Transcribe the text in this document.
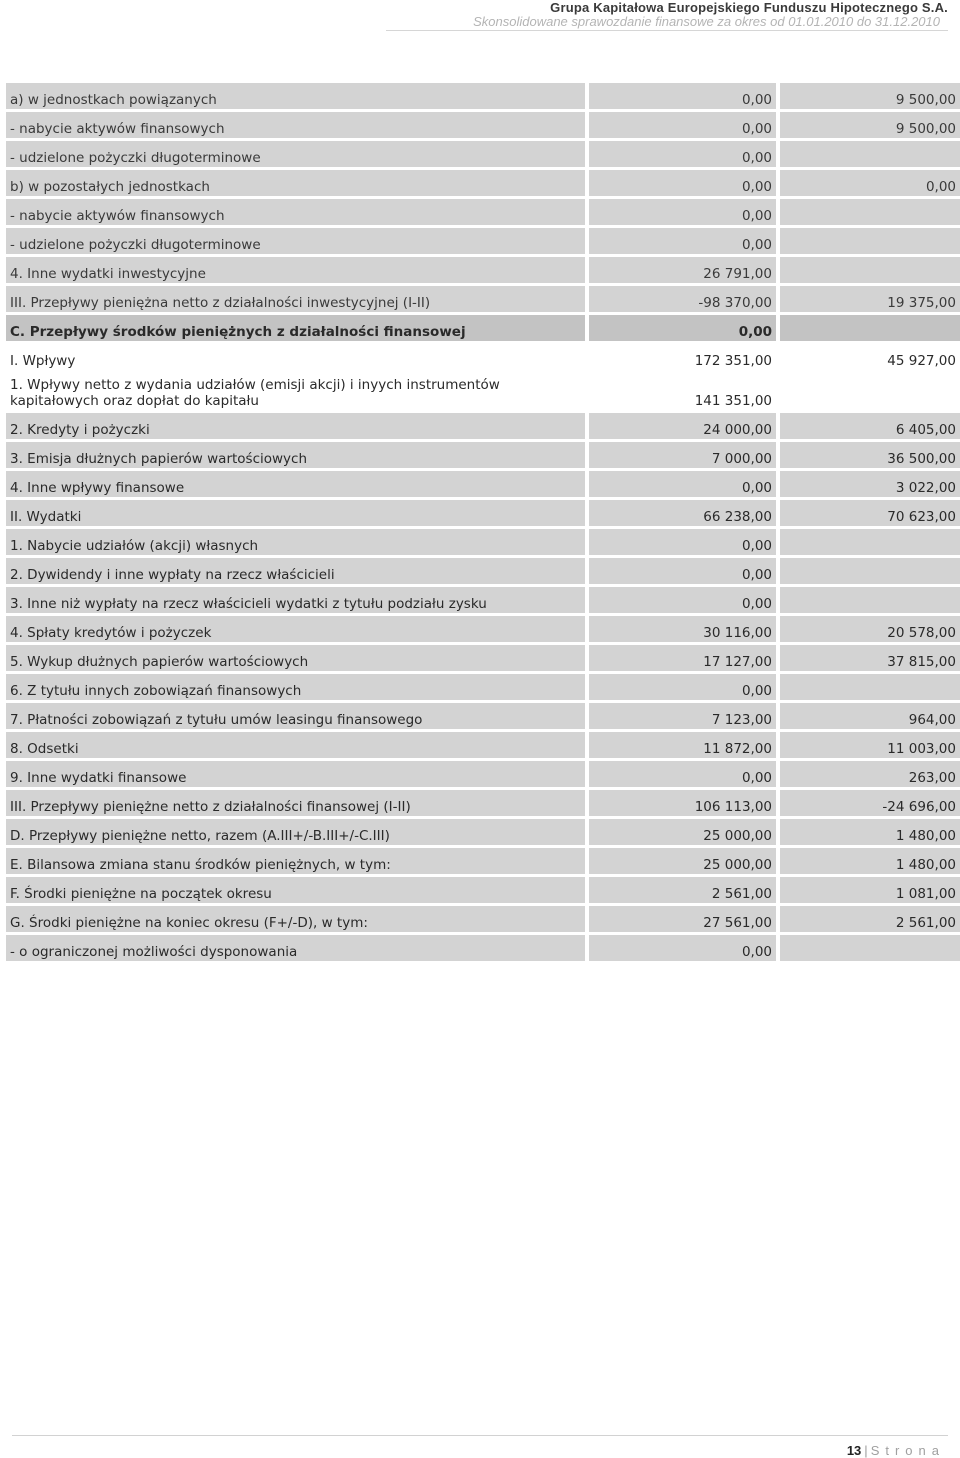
Grupa Kapitałowa Europejskiego Funduszu Hipotecznego S.A.
Skonsolidowane sprawozdanie finansowe za okres od 01.01.2010 do 31.12.2010
a) w jednostkach powiązanych	0,00	9 500,00
- nabycie aktywów finansowych	0,00	9 500,00
- udzielone pożyczki długoterminowe	0,00	
b) w pozostałych jednostkach	0,00	0,00
- nabycie aktywów finansowych	0,00	
- udzielone pożyczki długoterminowe	0,00	
4. Inne wydatki inwestycyjne	26 791,00	
III. Przepływy pieniężna netto z działalności inwestycyjnej (I-II)	-98 370,00	19 375,00
C. Przepływy środków pieniężnych z działalności finansowej	0,00	
I. Wpływy	172 351,00	45 927,00
1. Wpływy netto z wydania udziałów (emisji akcji) i inyych instrumentów kapitałowych oraz dopłat do kapitału	141 351,00	
2. Kredyty i pożyczki	24 000,00	6 405,00
3. Emisja dłużnych papierów wartościowych	7 000,00	36 500,00
4. Inne wpływy finansowe	0,00	3 022,00
II. Wydatki	66 238,00	70 623,00
1. Nabycie udziałów (akcji) własnych	0,00	
2. Dywidendy i inne wypłaty na rzecz właścicieli	0,00	
3. Inne niż wypłaty na rzecz właścicieli wydatki z tytułu podziału zysku	0,00	
4. Spłaty kredytów i pożyczek	30 116,00	20 578,00
5. Wykup dłużnych papierów wartościowych	17 127,00	37 815,00
6. Z tytułu innych zobowiązań finansowych	0,00	
7. Płatności zobowiązań z tytułu umów leasingu finansowego	7 123,00	964,00
8. Odsetki	11 872,00	11 003,00
9. Inne wydatki finansowe	0,00	263,00
III. Przepływy pieniężne netto z działalności finansowej (I-II)	106 113,00	-24 696,00
D. Przepływy pieniężne netto, razem (A.III+/-B.III+/-C.III)	25 000,00	1 480,00
E. Bilansowa zmiana stanu środków pieniężnych, w tym:	25 000,00	1 480,00
F. Środki pieniężne na początek okresu	2 561,00	1 081,00
G. Środki pieniężne na koniec okresu (F+/-D), w tym:	27 561,00	2 561,00
- o ograniczonej możliwości dysponowania	0,00	
13 | Strona
